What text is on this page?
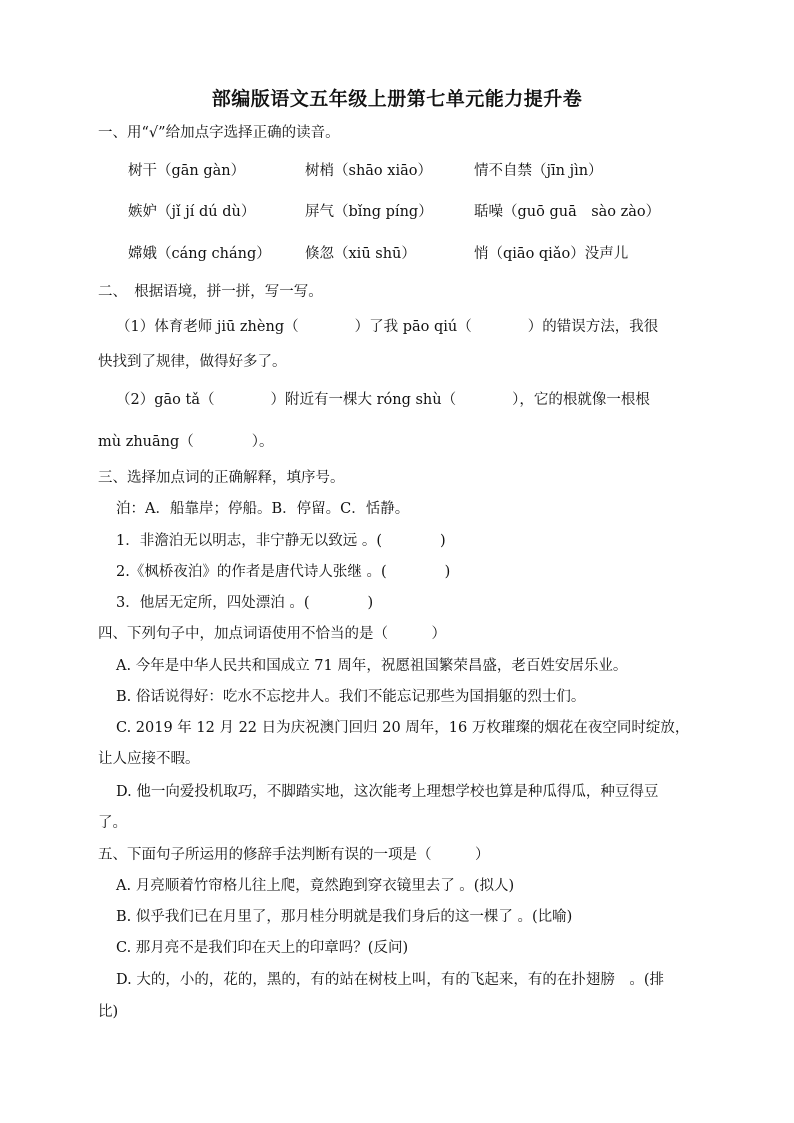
部编版语文五年级上册第七单元能力提升卷
一、用“√”给加点字选择正确的读音。
树干（gān gàn）	树梢（shāo xiāo）	情不自禁（jīn jìn）
嫉妒（jǐ jí dú dù）	屏气（bǐng píng）	聒噪（guō guā　sào zào）
嫦娥（cáng cháng） 倏忽（xiū shū）	悄（qiāo qiǎo）没声儿
二、　根据语境，拼一拼，写一写。
（1）体育老师 jiū zhèng（	）了我 pāo qiú（	）的错误方法，我很
快找到了规律，做得好多了。
（2）gāo tǎ（	）附近有一棵大 róng shù（	），它的根就像一根根
mù zhuāng（　　　　）。
三、选择加点词的正确解释，填序号。
泊：A．船靠岸；停船。B．停留。C．恬静。
1．非澹泊无以明志，非宁静无以致远 。(　　　　)
2.《枫桥夜泊》的作者是唐代诗人张继 。(　　　　)
3．他居无定所，四处漂泊 。(　　　　)
四、下列句子中，加点词语使用不恰当的是（　　　）
A. 今年是中华人民共和国成立 71 周年，祝愿祖国繁荣昌盛，老百姓安居乐业。
B. 俗话说得好：吃水不忘挖井人。我们不能忘记那些为国捐躯的烈士们。
C. 2019 年 12 月 22 日为庆祝澳门回归 20 周年，16 万枚璀璨的烟花在夜空同时绽放，
让人应接不暇。
D. 他一向爱投机取巧，不脚踏实地，这次能考上理想学校也算是种瓜得瓜，种豆得豆
了。
五、下面句子所运用的修辞手法判断有误的一项是（　　　）
A. 月亮顺着竹帘格儿往上爬，竟然跑到穿衣镜里去了 。(拟人)
B. 似乎我们已在月里了，那月桂分明就是我们身后的这一棵了 。(比喻)
C. 那月亮不是我们印在天上的印章吗？(反问)
D. 大的，小的，花的，黑的，有的站在树枝上叫，有的飞起来，有的在扑翅膀　。(排
比)
